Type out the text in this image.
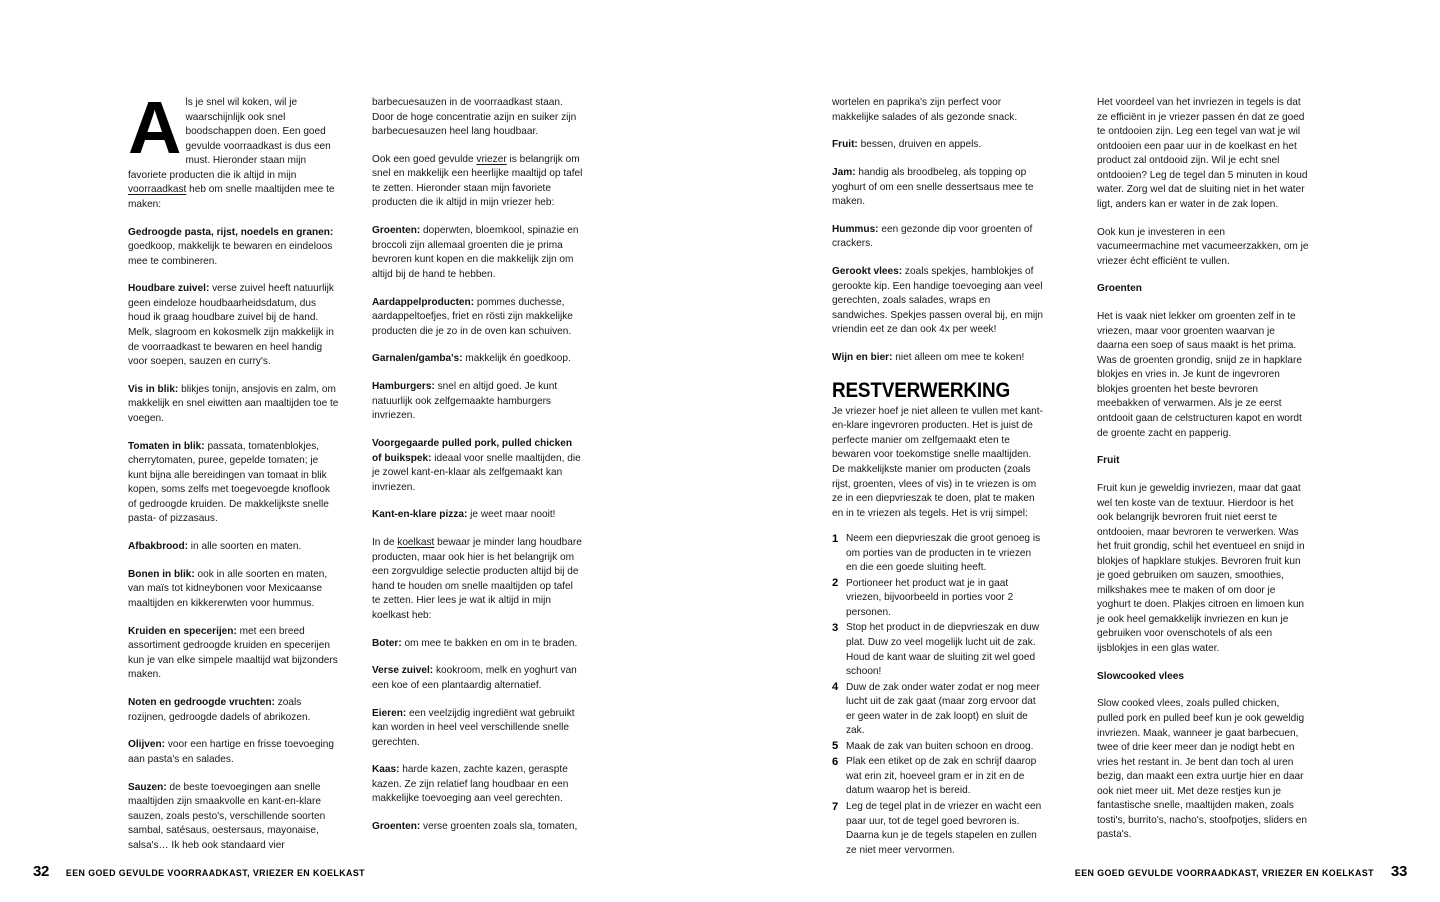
Als je snel wil koken, wil je waarschijnlijk ook snel boodschappen doen. Een goed gevulde voorraadkast is dus een must. Hieronder staan mijn favoriete producten die ik altijd in mijn voorraadkast heb om snelle maaltijden mee te maken:

Gedroogde pasta, rijst, noedels en granen: goedkoop, makkelijk te bewaren en eindeloos mee te combineren.

Houdbare zuivel: verse zuivel heeft natuurlijk geen eindeloze houdbaarheidsdatum, dus houd ik graag houdbare zuivel bij de hand. Melk, slagroom en kokosmelk zijn makkelijk in de voorraadkast te bewaren en heel handig voor soepen, sauzen en curry's.

Vis in blik: blikjes tonijn, ansjovis en zalm, om makkelijk en snel eiwitten aan maaltijden toe te voegen.

Tomaten in blik: passata, tomatenblokjes, cherrytomaten, puree, gepelde tomaten; je kunt bijna alle bereidingen van tomaat in blik kopen, soms zelfs met toegevoegde knoflook of gedroogde kruiden. De makkelijkste snelle pasta- of pizzasaus.

Afbakbrood: in alle soorten en maten.

Bonen in blik: ook in alle soorten en maten, van maïs tot kidneybonen voor Mexicaanse maaltijden en kikkererwten voor hummus.

Kruiden en specerijen: met een breed assortiment gedroogde kruiden en specerijen kun je van elke simpele maaltijd wat bijzonders maken.

Noten en gedroogde vruchten: zoals rozijnen, gedroogde dadels of abrikozen.

Olijven: voor een hartige en frisse toevoeging aan pasta's en salades.

Sauzen: de beste toevoegingen aan snelle maaltijden zijn smaakvolle en kant-en-klare sauzen, zoals pesto's, verschillende soorten sambal, satésaus, oestersaus, mayonaise, salsa's… Ik heb ook standaard vier

barbecuesauzen in de voorraadkast staan. Door de hoge concentratie azijn en suiker zijn barbecuesauzen heel lang houdbaar.

Ook een goed gevulde vriezer is belangrijk om snel en makkelijk een heerlijke maaltijd op tafel te zetten. Hieronder staan mijn favoriete producten die ik altijd in mijn vriezer heb:

Groenten: doperwten, bloemkool, spinazie en broccoli zijn allemaal groenten die je prima bevroren kunt kopen en die makkelijk zijn om altijd bij de hand te hebben.

Aardappelproducten: pommes duchesse, aardappeltoefjes, friet en rösti zijn makkelijke producten die je zo in de oven kan schuiven.

Garnalen/gamba's: makkelijk én goedkoop.

Hamburgers: snel en altijd goed. Je kunt natuurlijk ook zelfgemaakte hamburgers invriezen.

Voorgegaarde pulled pork, pulled chicken of buikspek: ideaal voor snelle maaltijden, die je zowel kant-en-klaar als zelfgemaakt kan invriezen.

Kant-en-klare pizza: je weet maar nooit!

In de koelkast bewaar je minder lang houdbare producten, maar ook hier is het belangrijk om een zorgvuldige selectie producten altijd bij de hand te houden om snelle maaltijden op tafel te zetten. Hier lees je wat ik altijd in mijn koelkast heb:

Boter: om mee te bakken en om in te braden.

Verse zuivel: kookroom, melk en yoghurt van een koe of een plantaardig alternatief.

Eieren: een veelzijdig ingrediënt wat gebruikt kan worden in heel veel verschillende snelle gerechten.

Kaas: harde kazen, zachte kazen, geraspte kazen. Ze zijn relatief lang houdbaar en een makkelijke toevoeging aan veel gerechten.

Groenten: verse groenten zoals sla, tomaten,

wortelen en paprika's zijn perfect voor makkelijke salades of als gezonde snack.

Fruit: bessen, druiven en appels.

Jam: handig als broodbeleg, als topping op yoghurt of om een snelle dessertsaus mee te maken.

Hummus: een gezonde dip voor groenten of crackers.

Gerookt vlees: zoals spekjes, hamblokjes of gerookte kip. Een handige toevoeging aan veel gerechten, zoals salades, wraps en sandwiches. Spekjes passen overal bij, en mijn vriendin eet ze dan ook 4x per week!

Wijn en bier: niet alleen om mee te koken!

RESTVERWERKING

Je vriezer hoef je niet alleen te vullen met kant-en-klare ingevroren producten. Het is juist de perfecte manier om zelfgemaakt eten te bewaren voor toekomstige snelle maaltijden. De makkelijkste manier om producten (zoals rijst, groenten, vlees of vis) in te vriezen is om ze in een diepvrieszak te doen, plat te maken en in te vriezen als tegels. Het is vrij simpel:

Neem een diepvrieszak die groot genoeg is om porties van de producten in te vriezen en die een goede sluiting heeft.
Portioneer het product wat je in gaat vriezen, bijvoorbeeld in porties voor 2 personen.
Stop het product in de diepvrieszak en duw plat. Duw zo veel mogelijk lucht uit de zak. Houd de kant waar de sluiting zit wel goed schoon!
Duw de zak onder water zodat er nog meer lucht uit de zak gaat (maar zorg ervoor dat er geen water in de zak loopt) en sluit de zak.
Maak de zak van buiten schoon en droog.
Plak een etiket op de zak en schrijf daarop wat erin zit, hoeveel gram er in zit en de datum waarop het is bereid.
Leg de tegel plat in de vriezer en wacht een paar uur, tot de tegel goed bevroren is. Daarna kun je de tegels stapelen en zullen ze niet meer vervormen.

Het voordeel van het invriezen in tegels is dat ze efficiënt in je vriezer passen én dat ze goed te ontdooien zijn. Leg een tegel van wat je wil ontdooien een paar uur in de koelkast en het product zal ontdooid zijn. Wil je echt snel ontdooien? Leg de tegel dan 5 minuten in koud water. Zorg wel dat de sluiting niet in het water ligt, anders kan er water in de zak lopen.

Ook kun je investeren in een vacumeermachine met vacumeerzakken, om je vriezer écht efficiënt te vullen.

Groenten

Het is vaak niet lekker om groenten zelf in te vriezen, maar voor groenten waarvan je daarna een soep of saus maakt is het prima. Was de groenten grondig, snijd ze in hapklare blokjes en vries in. Je kunt de ingevroren blokjes groenten het beste bevroren meebakken of verwarmen. Als je ze eerst ontdooit gaan de celstructuren kapot en wordt de groente zacht en papperig.

Fruit

Fruit kun je geweldig invriezen, maar dat gaat wel ten koste van de textuur. Hierdoor is het ook belangrijk bevroren fruit niet eerst te ontdooien, maar bevroren te verwerken. Was het fruit grondig, schil het eventueel en snijd in blokjes of hapklare stukjes. Bevroren fruit kun je goed gebruiken om sauzen, smoothies, milkshakes mee te maken of om door je yoghurt te doen. Plakjes citroen en limoen kun je ook heel gemakkelijk invriezen en kun je gebruiken voor ovenschotels of als een ijsblokjes in een glas water.

Slowcooked vlees

Slow cooked vlees, zoals pulled chicken, pulled pork en pulled beef kun je ook geweldig invriezen. Maak, wanneer je gaat barbecuen, twee of drie keer meer dan je nodigt hebt en vries het restant in. Je bent dan toch al uren bezig, dan maakt een extra uurtje hier en daar ook niet meer uit. Met deze restjes kun je fantastische snelle, maaltijden maken, zoals tosti's, burrito's, nacho's, stoofpotjes, sliders en pasta's.

32 EEN GOED GEVULDE VOORRAADKAST, VRIEZER EN KOELKAST	EEN GOED GEVULDE VOORRAADKAST, VRIEZER EN KOELKAST 33
